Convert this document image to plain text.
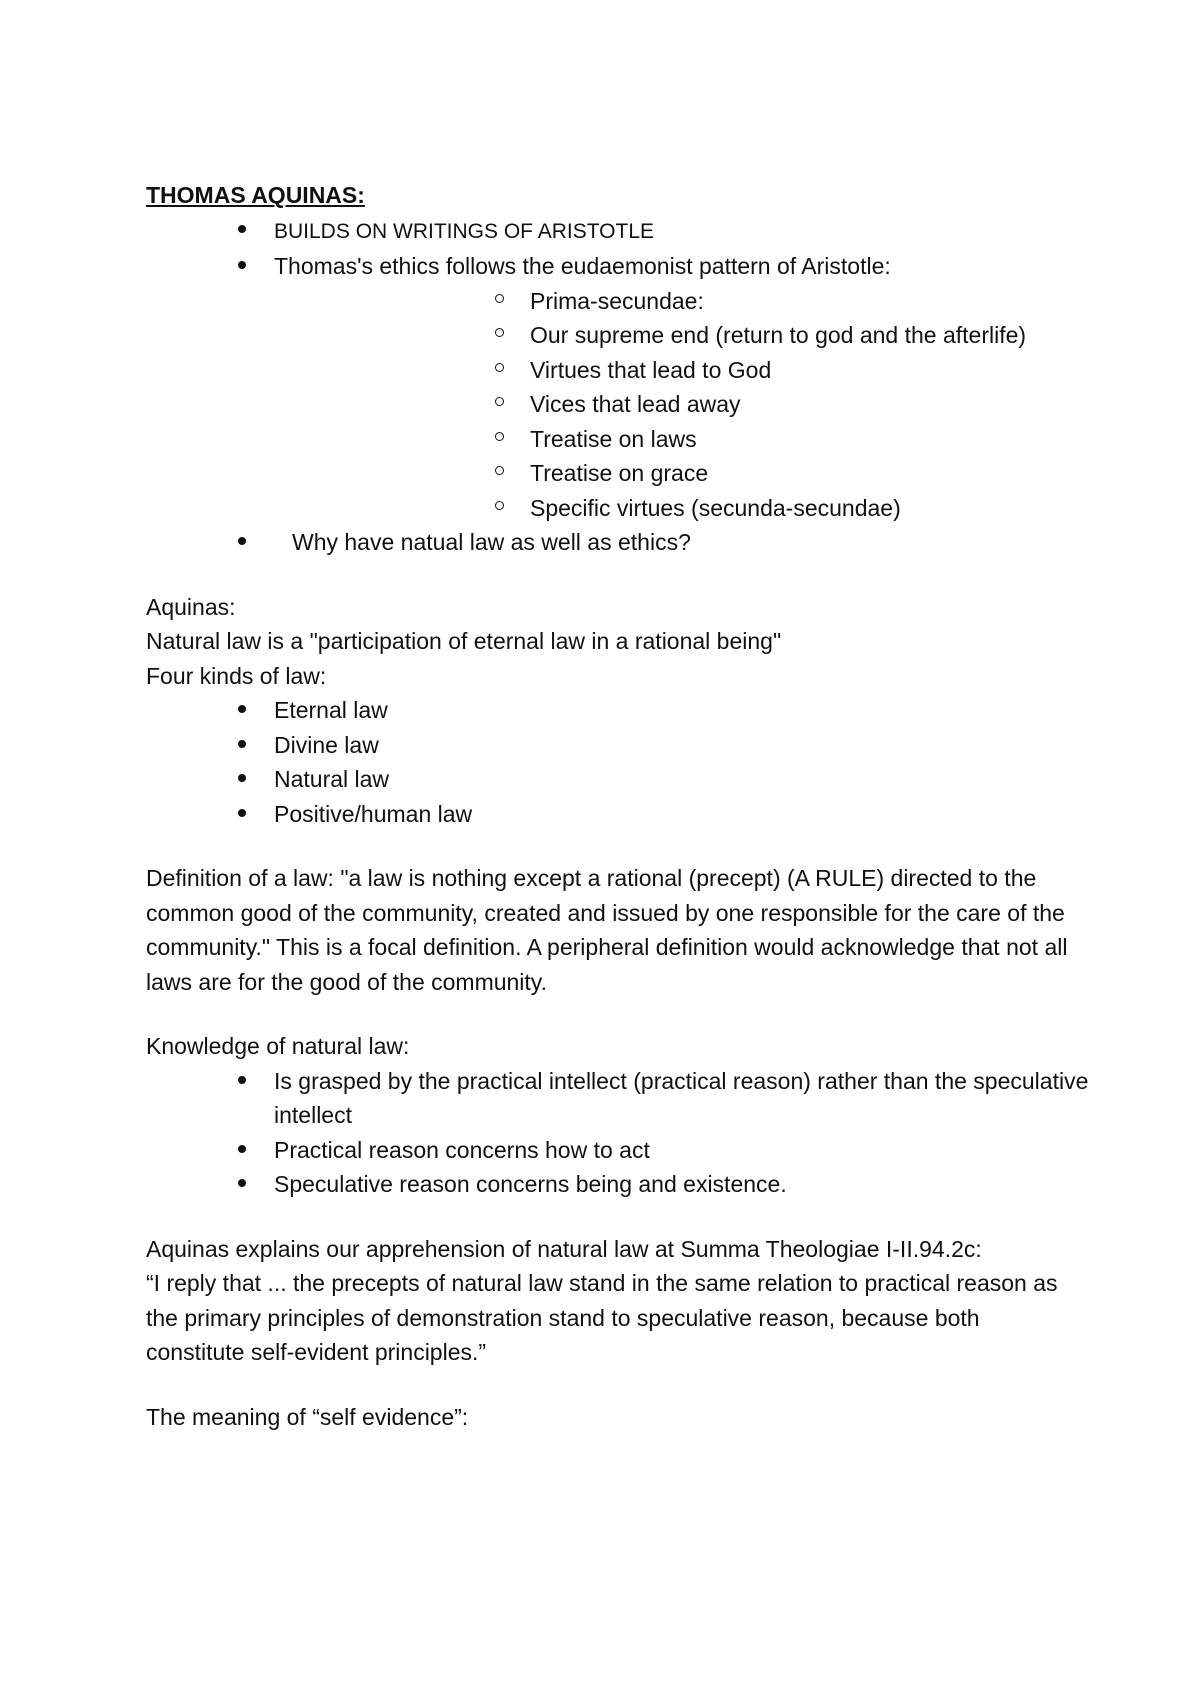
THOMAS AQUINAS:

BUILDS ON WRITINGS OF ARISTOTLE
Thomas's ethics follows the eudaemonist pattern of Aristotle:
Prima-secundae:
Our supreme end (return to god and the afterlife)
Virtues that lead to God
Vices that lead away
Treatise on laws
Treatise on grace
Specific virtues (secunda-secundae)
Why have natual law as well as ethics?

Aquinas:

Natural law is a "participation of eternal law in a rational being"

Four kinds of law:

Eternal law
Divine law
Natural law
Positive/human law

Definition of a law: "a law is nothing except a rational (precept) (A RULE) directed to the common good of the community, created and issued by one responsible for the care of the community." This is a focal definition. A peripheral definition would acknowledge that not all laws are for the good of the community.

Knowledge of natural law:

Is grasped by the practical intellect (practical reason) rather than the speculative intellect
Practical reason concerns how to act
Speculative reason concerns being and existence.

Aquinas explains our apprehension of natural law at Summa Theologiae I-II.94.2c:

“I reply that ... the precepts of natural law stand in the same relation to practical reason as the primary principles of demonstration stand to speculative reason, because both constitute self-evident principles.”

The meaning of “self evidence”:
